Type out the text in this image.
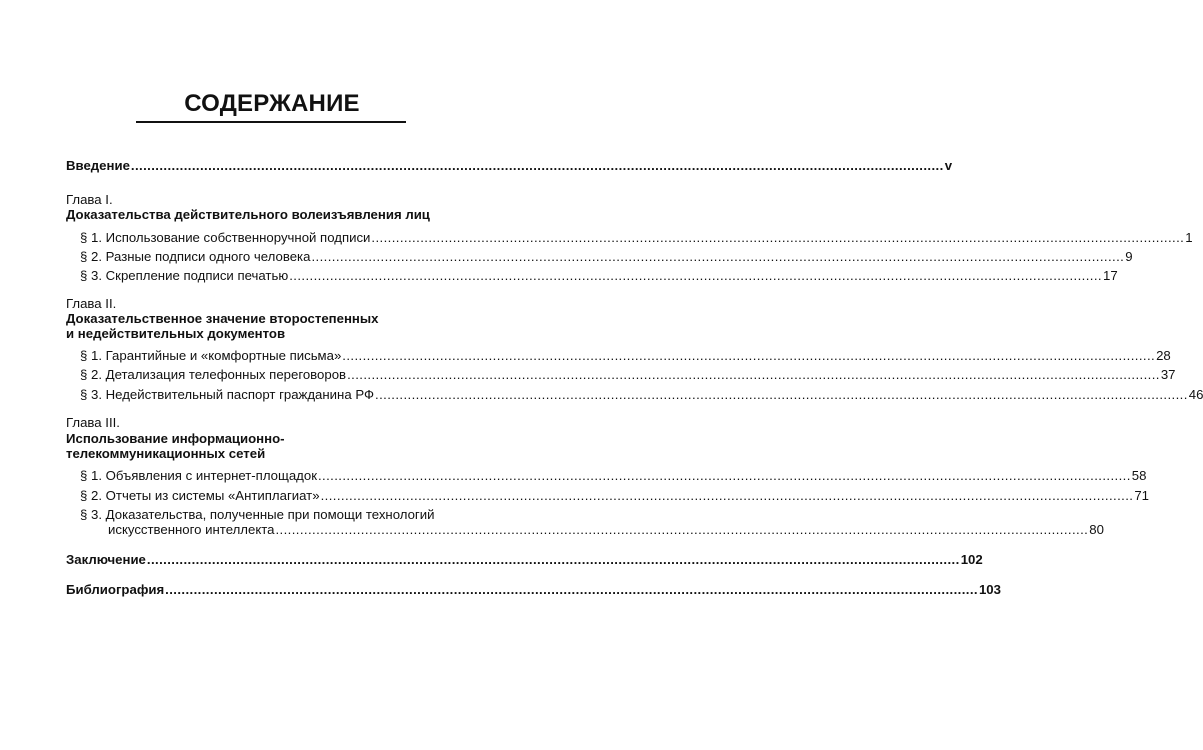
СОДЕРЖАНИЕ
Введение ........................................................................................................................................................................................................ v
Глава I.
Доказательства действительного волеизъявления лиц
§ 1. Использование собственноручной подписи ........................................................................................................................................................................................................ 1
§ 2. Разные подписи одного человека ........................................................................................................................................................................................................ 9
§ 3. Скрепление подписи печатью ........................................................................................................................................................................................................ 17
Глава II.
Доказательственное значение второстепенных
и недействительных документов
§ 1. Гарантийные и «комфортные письма» ........................................................................................................................................................................................................ 28
§ 2. Детализация телефонных переговоров ........................................................................................................................................................................................................ 37
§ 3. Недействительный паспорт гражданина РФ ........................................................................................................................................................................................................ 46
Глава III.
Использование информационно-
телекоммуникационных сетей
§ 1. Объявления с интернет-площадок ........................................................................................................................................................................................................ 58
§ 2. Отчеты из системы «Антиплагиат» ........................................................................................................................................................................................................ 71
§ 3. Доказательства, полученные при помощи технологий
искусственного интеллекта ........................................................................................................................................................................................................ 80
Заключение ........................................................................................................................................................................................................ 102
Библиография ........................................................................................................................................................................................................ 103
